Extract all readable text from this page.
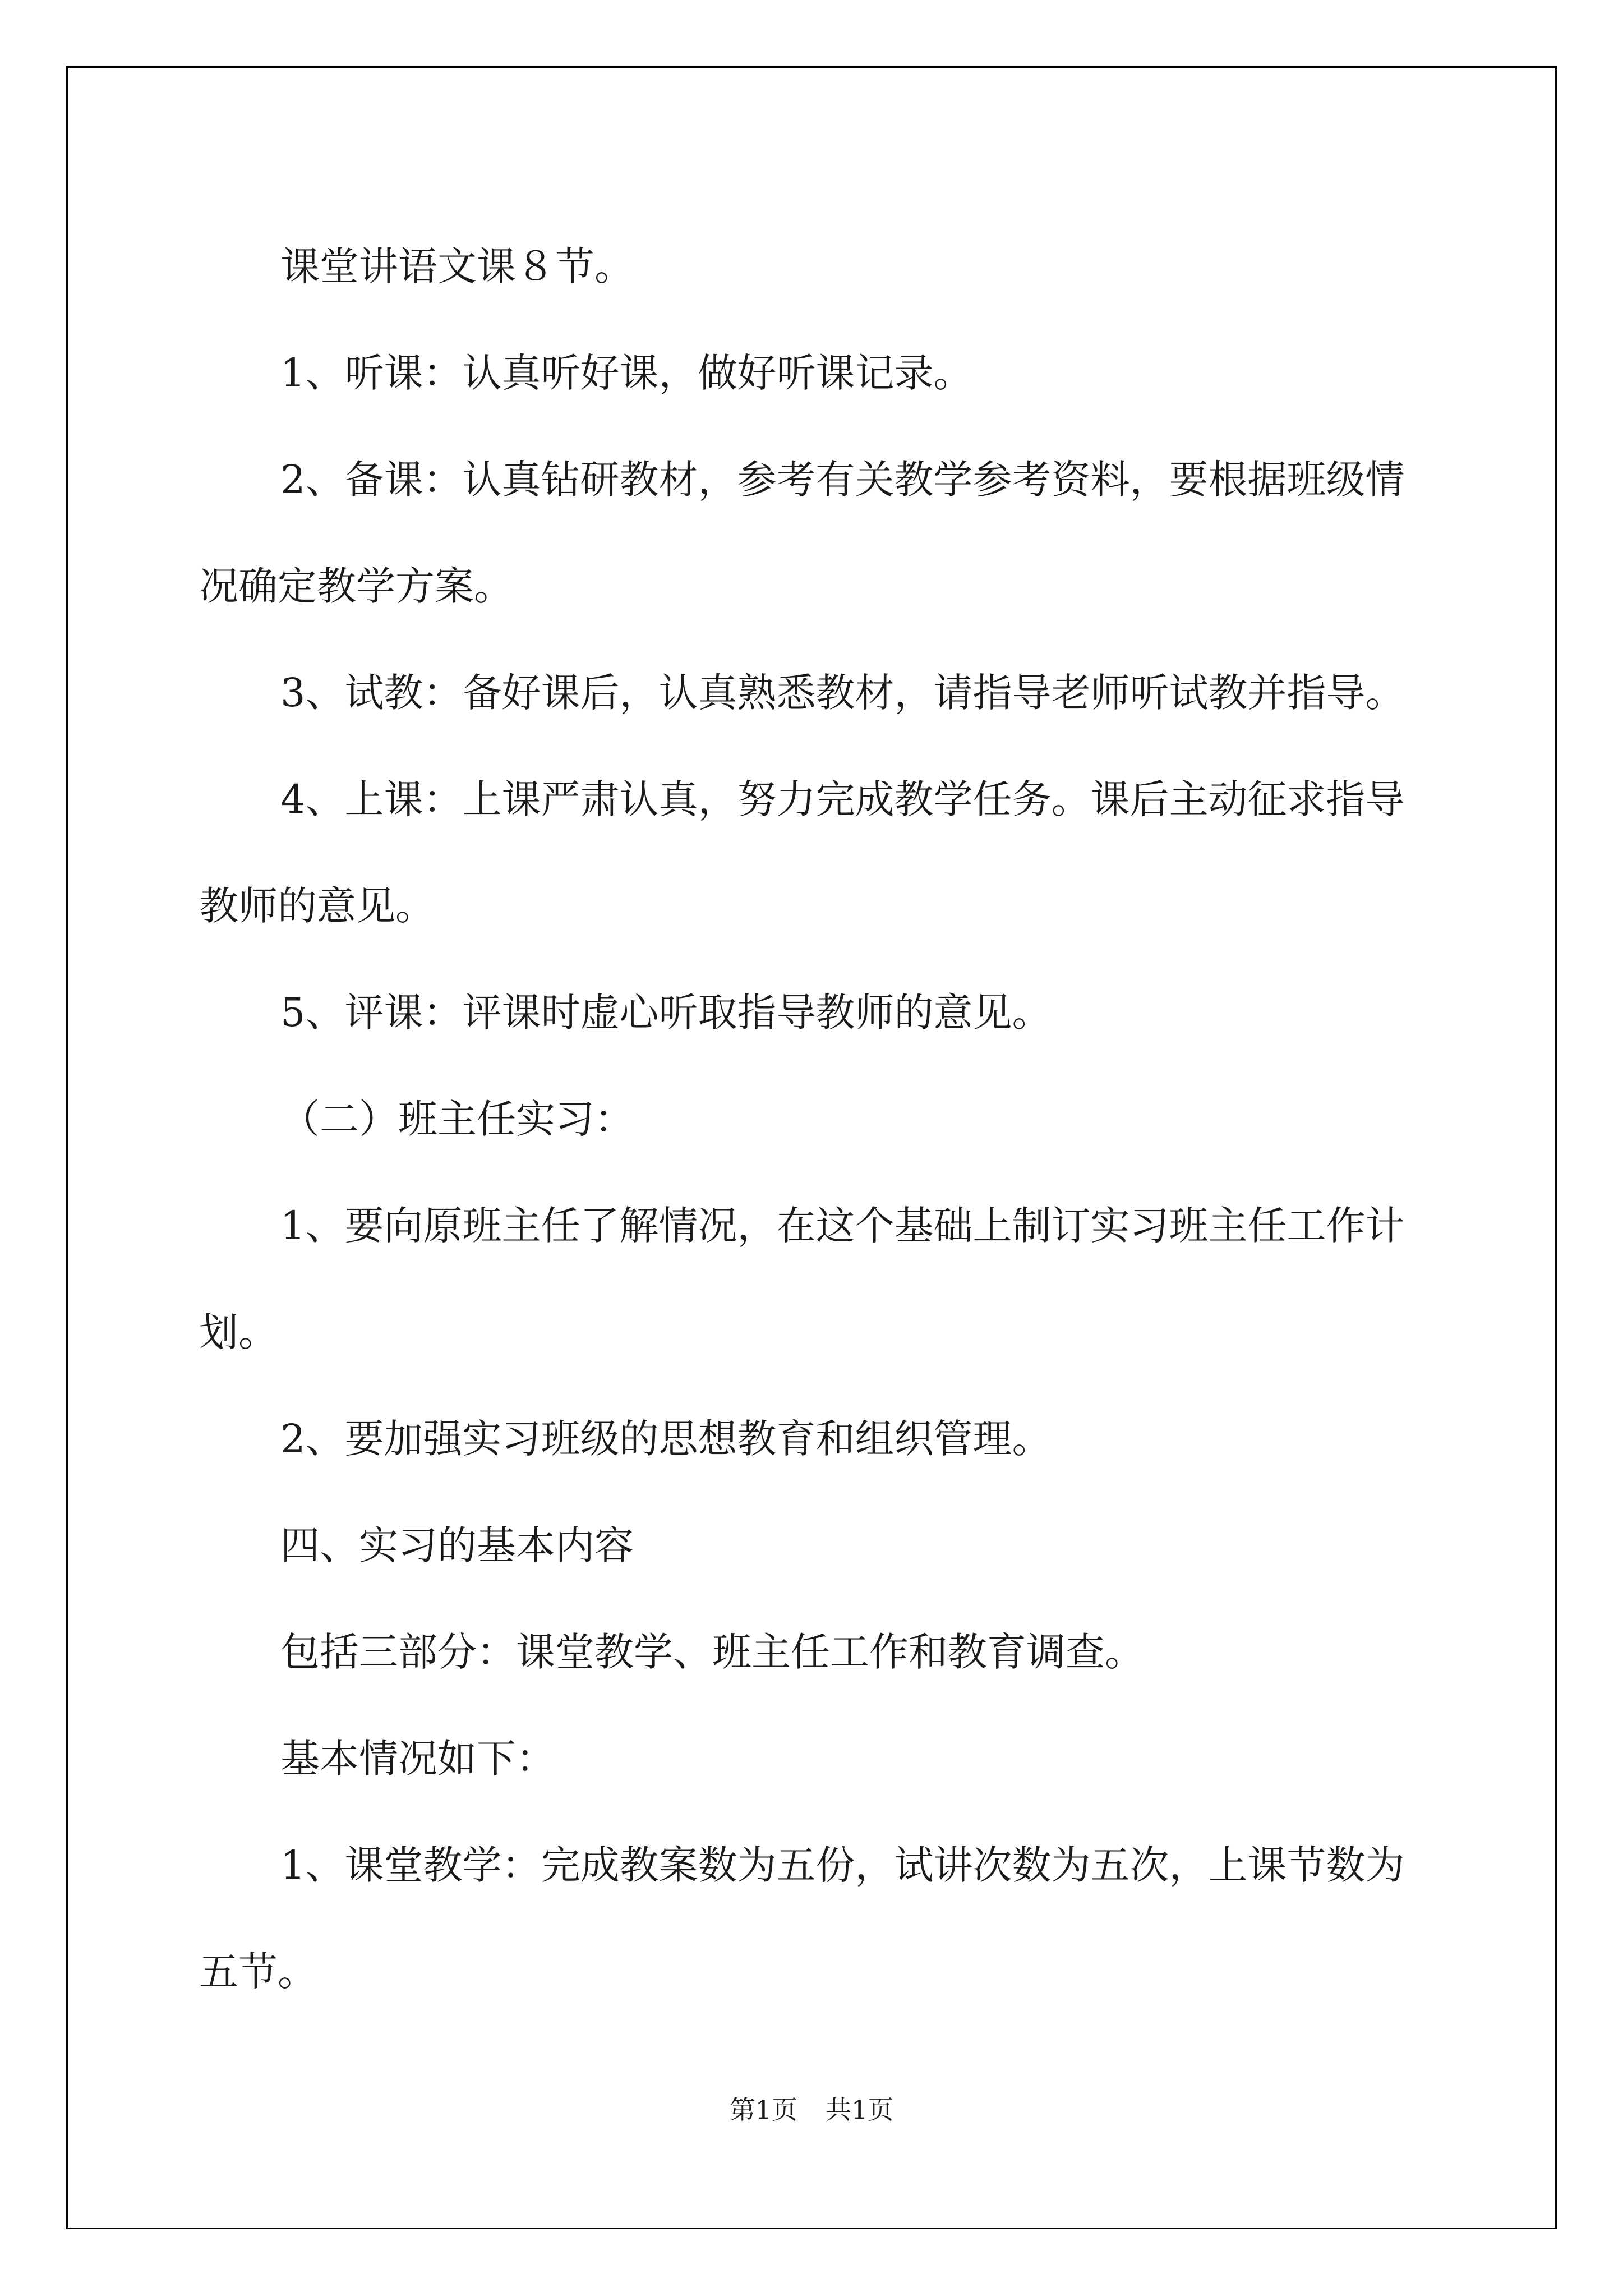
课堂讲语文课８节。

1、听课：认真听好课，做好听课记录。

2、备课：认真钻研教材，参考有关教学参考资料，要根据班级情

况确定教学方案。

3、试教：备好课后，认真熟悉教材，请指导老师听试教并指导。

4、上课：上课严肃认真，努力完成教学任务。课后主动征求指导

教师的意见。

5、评课：评课时虚心听取指导教师的意见。

（二）班主任实习：

1、要向原班主任了解情况，在这个基础上制订实习班主任工作计

划。

2、要加强实习班级的思想教育和组织管理。

四、实习的基本内容

包括三部分：课堂教学、班主任工作和教育调查。

基本情况如下：

1、课堂教学：完成教案数为五份，试讲次数为五次，上课节数为

五节。

第1页 共1页
